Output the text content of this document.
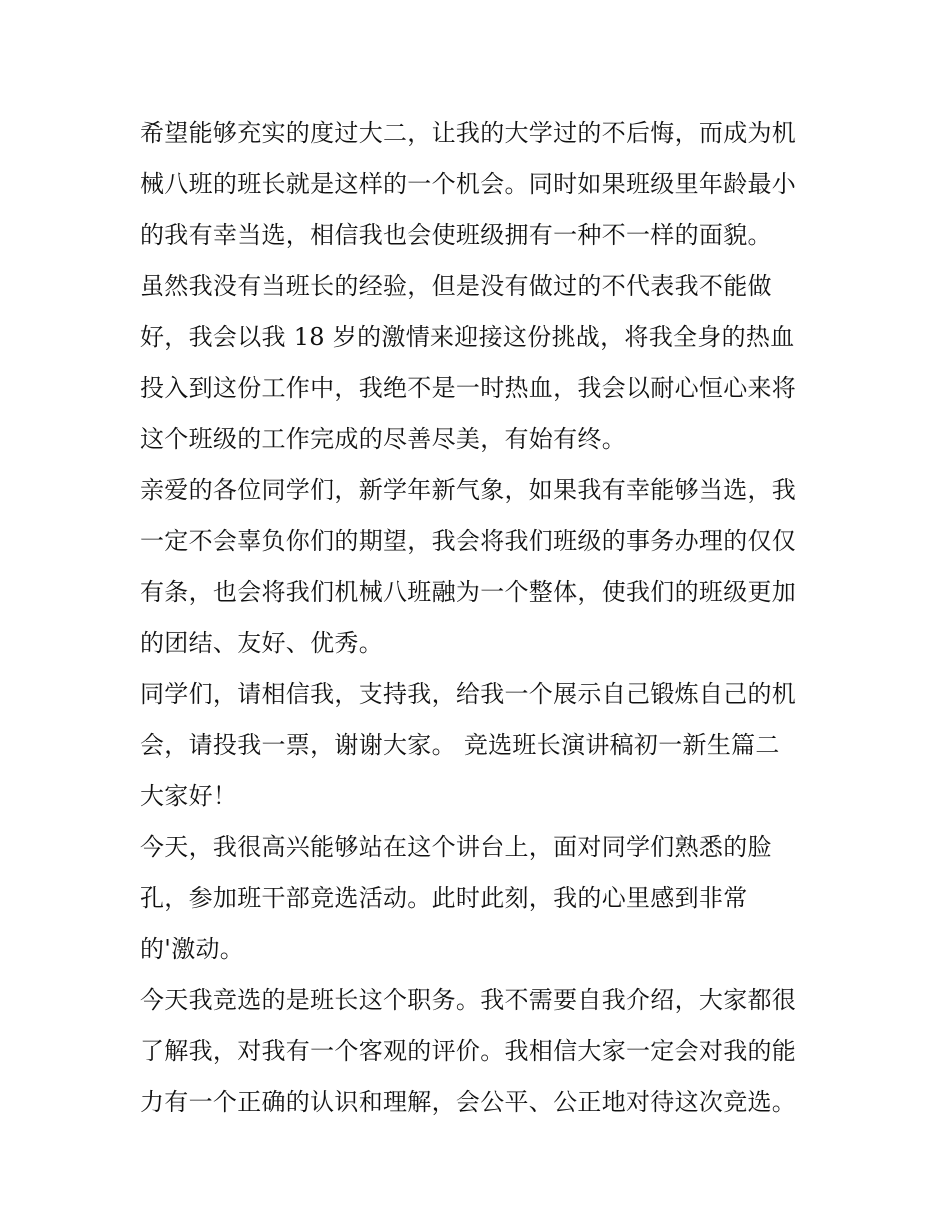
希望能够充实的度过大二，让我的大学过的不后悔，而成为机
械八班的班长就是这样的一个机会。同时如果班级里年龄最小
的我有幸当选，相信我也会使班级拥有一种不一样的面貌。
虽然我没有当班长的经验，但是没有做过的不代表我不能做
好，我会以我 18 岁的激情来迎接这份挑战，将我全身的热血
投入到这份工作中，我绝不是一时热血，我会以耐心恒心来将
这个班级的工作完成的尽善尽美，有始有终。
亲爱的各位同学们，新学年新气象，如果我有幸能够当选，我
一定不会辜负你们的期望，我会将我们班级的事务办理的仅仅
有条，也会将我们机械八班融为一个整体，使我们的班级更加
的团结、友好、优秀。
同学们，请相信我，支持我，给我一个展示自己锻炼自己的机
会，请投我一票，谢谢大家。 竞选班长演讲稿初一新生篇二
大家好！
今天，我很高兴能够站在这个讲台上，面对同学们熟悉的脸
孔，参加班干部竞选活动。此时此刻，我的心里感到非常
的'激动。
今天我竞选的是班长这个职务。我不需要自我介绍，大家都很
了解我，对我有一个客观的评价。我相信大家一定会对我的能
力有一个正确的认识和理解，会公平、公正地对待这次竞选。
